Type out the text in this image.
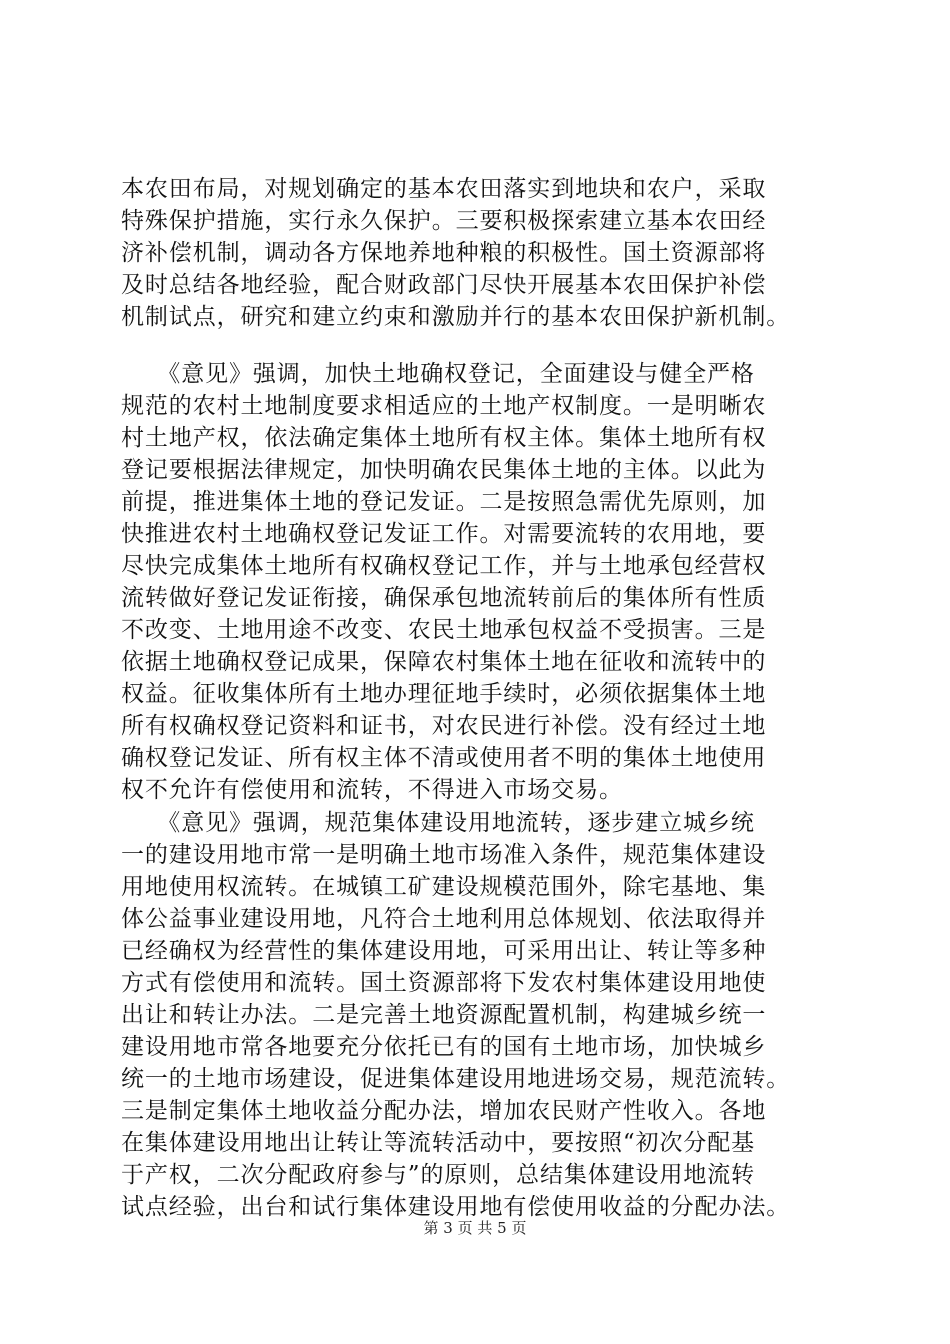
本农田布局，对规划确定的基本农田落实到地块和农户，采取
特殊保护措施，实行永久保护。三要积极探索建立基本农田经
济补偿机制，调动各方保地养地种粮的积极性。国土资源部将
及时总结各地经验，配合财政部门尽快开展基本农田保护补偿
机制试点，研究和建立约束和激励并行的基本农田保护新机制。
　　《意见》强调，加快土地确权登记，全面建设与健全严格
规范的农村土地制度要求相适应的土地产权制度。一是明晰农
村土地产权，依法确定集体土地所有权主体。集体土地所有权
登记要根据法律规定，加快明确农民集体土地的主体。以此为
前提，推进集体土地的登记发证。二是按照急需优先原则，加
快推进农村土地确权登记发证工作。对需要流转的农用地，要
尽快完成集体土地所有权确权登记工作，并与土地承包经营权
流转做好登记发证衔接，确保承包地流转前后的集体所有性质
不改变、土地用途不改变、农民土地承包权益不受损害。三是
依据土地确权登记成果，保障农村集体土地在征收和流转中的
权益。征收集体所有土地办理征地手续时，必须依据集体土地
所有权确权登记资料和证书，对农民进行补偿。没有经过土地
确权登记发证、所有权主体不清或使用者不明的集体土地使用
权不允许有偿使用和流转，不得进入市场交易。
　　《意见》强调，规范集体建设用地流转，逐步建立城乡统
一的建设用地市常一是明确土地市场准入条件，规范集体建设
用地使用权流转。在城镇工矿建设规模范围外，除宅基地、集
体公益事业建设用地，凡符合土地利用总体规划、依法取得并
已经确权为经营性的集体建设用地，可采用出让、转让等多种
方式有偿使用和流转。国土资源部将下发农村集体建设用地使
出让和转让办法。二是完善土地资源配置机制，构建城乡统一
建设用地市常各地要充分依托已有的国有土地市场，加快城乡
统一的土地市场建设，促进集体建设用地进场交易，规范流转。
三是制定集体土地收益分配办法，增加农民财产性收入。各地
在集体建设用地出让转让等流转活动中，要按照“初次分配基
于产权，二次分配政府参与”的原则，总结集体建设用地流转
试点经验，出台和试行集体建设用地有偿使用收益的分配办法。
第 3 页 共 5 页
